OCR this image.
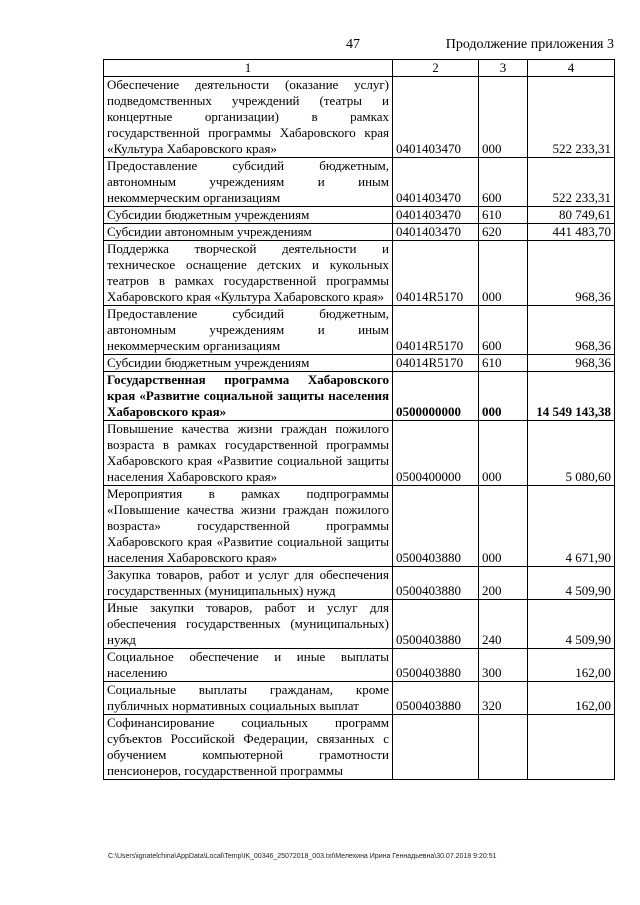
47	Продолжение приложения 3
1	2	3	4
Обеспечение деятельности (оказание услуг) подведомственных учреждений (театры и концертные организации) в рамках государственной программы Хабаровского края «Культура Хабаровского края»	0401403470	000	522 233,31
Предоставление субсидий бюджетным, автономным учреждениям и иным некоммерческим организациям	0401403470	600	522 233,31
Субсидии бюджетным учреждениям	0401403470	610	80 749,61
Субсидии автономным учреждениям	0401403470	620	441 483,70
Поддержка творческой деятельности и техническое оснащение детских и кукольных театров в рамках государственной программы Хабаровского края «Культура Хабаровского края»	04014R5170	000	968,36
Предоставление субсидий бюджетным, автономным учреждениям и иным некоммерческим организациям	04014R5170	600	968,36
Субсидии бюджетным учреждениям	04014R5170	610	968,36
Государственная программа Хабаровского края «Развитие социальной защиты населения Хабаровского края»	0500000000	000	14 549 143,38
Повышение качества жизни граждан пожилого возраста в рамках государственной программы Хабаровского края «Развитие социальной защиты населения Хабаровского края»	0500400000	000	5 080,60
Мероприятия в рамках подпрограммы «Повышение качества жизни граждан пожилого возраста» государственной программы Хабаровского края «Развитие социальной защиты населения Хабаровского края»	0500403880	000	4 671,90
Закупка товаров, работ и услуг для обеспечения государственных (муниципальных) нужд	0500403880	200	4 509,90
Иные закупки товаров, работ и услуг для обеспечения государственных (муниципальных) нужд	0500403880	240	4 509,90
Социальное обеспечение и иные выплаты населению	0500403880	300	162,00
Социальные выплаты гражданам, кроме публичных нормативных социальных выплат	0500403880	320	162,00
Софинансирование социальных программ субъектов Российской Федерации, связанных с обучением компьютерной грамотности пенсионеров, государственной программы			
C:\Users\ignatelchina\AppData\Local\Temp\IK_00346_25072018_003.txt\Мелехина Ирина Геннадьевна\30.07.2018 9:20:51
